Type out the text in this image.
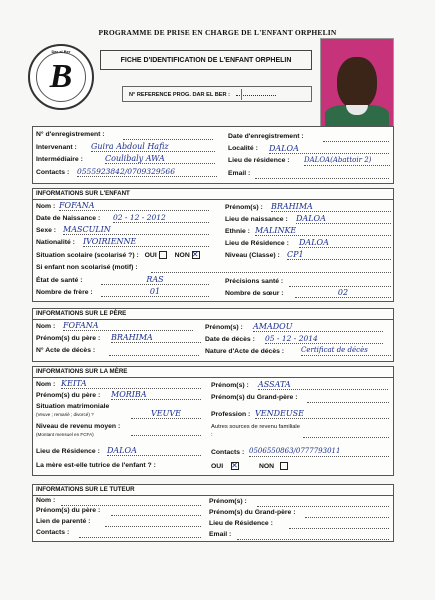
PROGRAMME DE PRISE EN CHARGE DE L'ENFANT ORPHELIN
Dar el Ber
B	FICHE D'IDENTIFICATION DE L'ENFANT ORPHELIN
N° REFERENCE PROG. DAR EL BER :
N° d'enregistrement :	Date d'enregistrement :
Intervenant : Guira Abdoul Hafiz	Localité : DALOA
Intermédiaire :	Coulibaly AWA	Lieu de résidence : DALOA(Abattoir 2)
Contacts : 0555923842/0709329566	Email :
INFORMATIONS SUR L'ENFANT
Nom : FOFANA	Prénom(s) : BRAHIMA
Date de Naissance : 02 - 12 - 2012	Lieu de naissance : DALOA
Sexe : MASCULIN	Ethnie : MALINKE
Nationalité : IVOIRIENNE	Lieu de Résidence : DALOA
Situation scolaire (scolarisé ?) : OUI	NON ✕	Niveau (Classe) : CP1
Si enfant non scolarisé (motif) :
État de santé :	RAS	Précisions santé :
Nombre de frère :	01	Nombre de sœur :	02
INFORMATIONS SUR LE PÈRE
Nom : FOFANA	Prénom(s) : AMADOU
Prénom(s) du père : BRAHIMA	Date de décès : 05 - 12 - 2014
N° Acte de décès :	Nature d'Acte de décès : Certificat de décès
INFORMATIONS SUR LA MÈRE
Nom : KEITA	Prénom(s) : ASSATA
Prénom(s) du père : MORIBA	Prénom(s) du Grand-père :
Situation matrimoniale
(Veuve ; remarié ; divorcé) ?	VEUVE	Profession : VENDEUSE
Niveau de revenu moyen :
(Montant mensuel en FCFA)
Autres sources de revenu familiale :
Lieu de Résidence : DALOA	Contacts : 0506550863/0777793011
La mère est-elle tutrice de l'enfant ? :	OUI ✕	NON
INFORMATIONS SUR LE TUTEUR
Nom :	Prénom(s) :
Prénom(s) du père :	Prénom(s) du Grand-père :
Lien de parenté :	Lieu de Résidence :
Contacts :	Email :
